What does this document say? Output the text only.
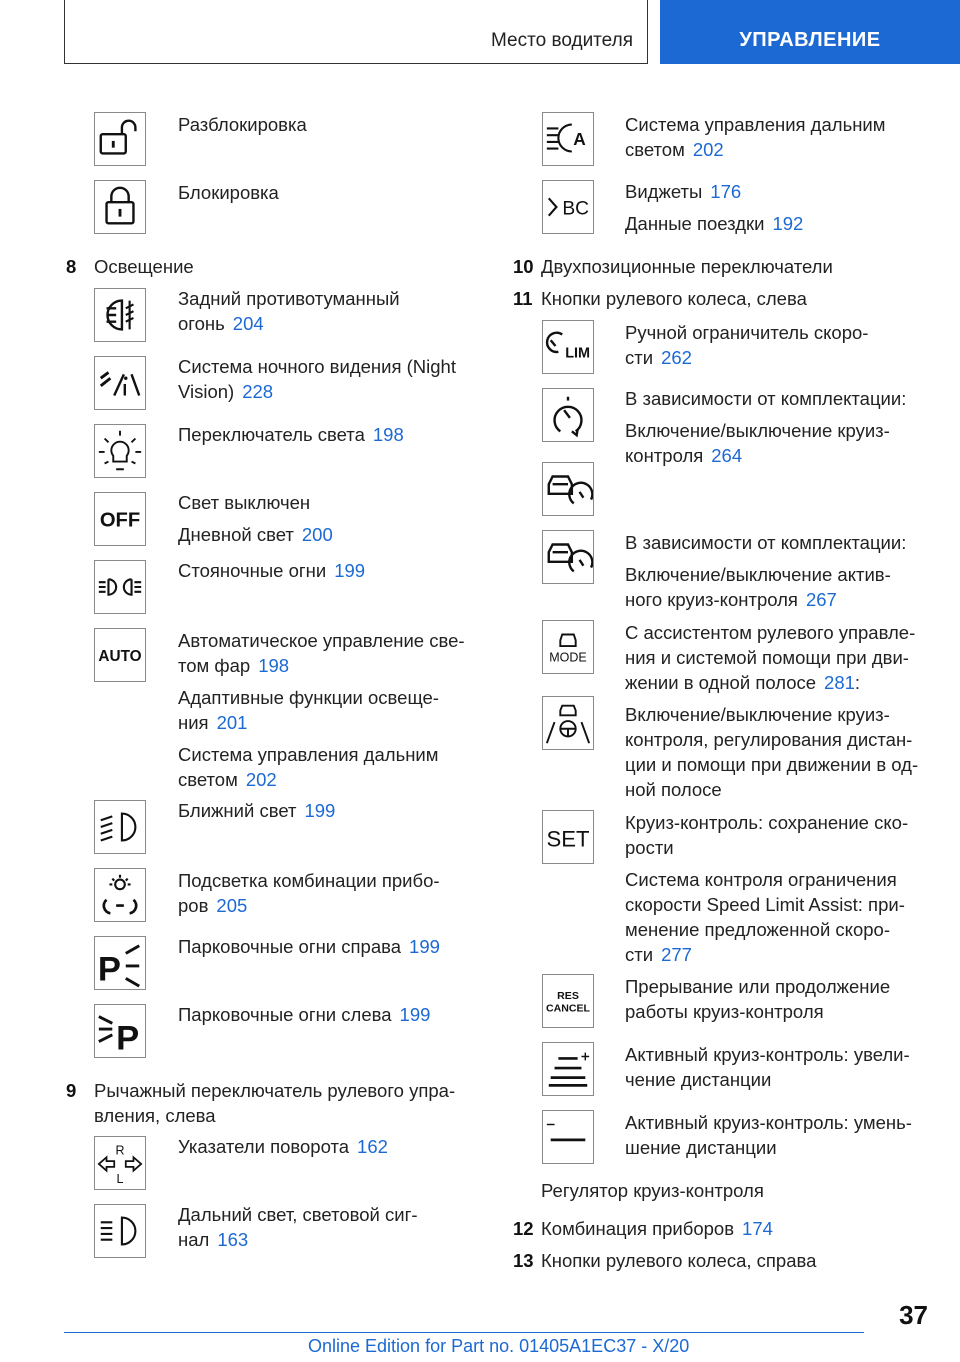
Место водителя	УПРАВЛЕНИЕ
Разблокировка
Блокировка
8 Освещение
Задний противотуманный
огонь 204
Система ночного видения (Night
Vision) 228
Переключатель света 198
OFF
Свет выключен
Дневной свет 200
Стояночные огни 199
AUTO
Автоматическое управление све-
том фар 198
Адаптивные функции освеще-
ния 201
Система управления дальним
светом 202
Ближний свет 199
Подсветка комбинации прибо-
ров 205
P
Парковочные огни справа 199
P
Парковочные огни слева 199
9 Рычажный переключатель рулевого упра-
вления, слева
R
L
Указатели поворота 162
Дальний свет, световой сиг-
нал 163
A
Система управления дальним
светом 202
BC
Виджеты 176
Данные поездки 192
10 Двухпозиционные переключатели
11 Кнопки рулевого колеса, слева
LIM
Ручной ограничитель скоро-
сти 262
В зависимости от комплектации:
Включение/выключение круиз-
контроля 264
В зависимости от комплектации:
Включение/выключение актив-
ного круиз-контроля 267
MODE
С ассистентом рулевого управле-
ния и системой помощи при дви-
жении в одной полосе 281:
Включение/выключение круиз-
контроля, регулирования дистан-
ции и помощи при движении в од-
ной полосе
SET
Круиз-контроль: сохранение ско-
рости
Система контроля ограничения
скорости Speed Limit Assist: при-
менение предложенной скоро-
сти 277
RES
CANCEL
Прерывание или продолжение
работы круиз-контроля
Активный круиз-контроль: увели-
чение дистанции
Активный круиз-контроль: умень-
шение дистанции
Регулятор круиз-контроля
12 Комбинация приборов 174
13 Кнопки рулевого колеса, справа
37
Online Edition for Part no. 01405A1EC37 - X/20
